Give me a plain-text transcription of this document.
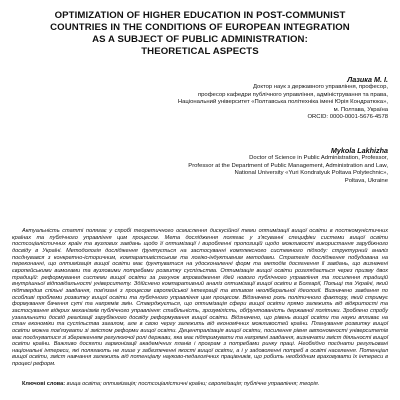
OPTIMIZATION OF HIGHER EDUCATION IN POST-COMMUNIST
COUNTRIES IN THE CONDITIONS OF EUROPEAN INTEGRATION
AS A SUBJECT OF PUBLIC ADMINISTRATION:
THEORETICAL ASPECTS
Лазика М. І.
Доктор наук з державного управління, професор,
професор кафедри публічного управління, адміністрування та права,
Національний університет «Полтавська політехніка імені Юрія Кондратюка»,
м. Полтава, Україна
ORCID: 0000-0001-5676-4578
Mykola Lakhizha
Doctor of Science in Public Administration, Professor,
Professor at the Department of Public Management, Administration and Law,
National University «Yuri Kondratyuk Poltava Polytechnic»,
Poltava, Ukraine
Актуальність статті полягає у спробі теоретичного осмислення дискусійної теми оптимізації вищої освіти в посткомуністичних країнах та публічного управління цим процесом. Мета дослідження полягає у з'ясуванні специфіки системи вищої освіти постсоціалістичних країн та вузлових завдань щодо її оптимізації і виробленні пропозицій щодо можливості використання зарубіжного досвіду в Україні. Методологія дослідження ґрунтується на застосуванні комплексного системного підходу: структурний аналіз поєднувався з конкретно-історичним, компаративістським та логіко-індуктивним методами. Стратегія дослідження побудована на переконанні, що оптимізація вищої освіти має ґрунтуватися на удосконаленні форм та методів досягнення її завдань, що визначені європейськими вимогами та вузловими потребами розвитку суспільства. Оптимізація вищої освіти розглядається через призму двох традицій: реформування системи вищої освіти за рахунок впровадження ідей нового публічного управління та посилення традицій внутрішньої відповідальності університету. Здійснено компаративний аналіз оптимізації вищої освіти в Болгарії, Польщі та Україні, який підтвердив спільні завдання, пов'язані з процесом європейської інтеграції та впливом неоліберальної ідеології. Визначено завдання по особливі проблеми розвитку вищої освіти та публічного управління цим процесом. Відзначено роль політичного фактору, який стримує формування бачення суті та напрямів змін. Стверджується, що оптимізація сфери вищої освіти прямо залежить від відкритості та застосування відкрих механізмів публічного управління: стабільність, зрозумілість, обґрунтованість державної політики. Зроблено спробу узагальнити досвід реалізації зарубіжного досвіду реформування вищої освіти. Відзначено, що рівень вищої освіти та науки впливає на стан економіки та суспільства загалом, але в свою чергу залежить від економічних можливостей країни. Планування розвитку вищої освіти можна пов'язувати зі змістом реформи вищої освіти. Децентралізація вищої освіти, посилення рівня автономності університетів має поєднуватися зі збереженням регулюючої ролі держави, яка має підтримувати та напрямні завдання, визначати зміст діяльності вищої освіти країни. Важливо досягти гармонізації академічних планів і програм з потребами ринку праці. Необхідно поєднати регульовані національні інтереси, які полягають не лише у забезпеченні якості вищої освіти, а і у задоволенні потреб в освіті населення. Потенціал вищої освіти, зміст навчання залежить від потенціалу науково-педагогічних працівників, що робить необхідним враховувати їх інтереси в процесі реформ.
Ключові слова: вища освіта; оптимізація; постсоціалістичні країни; європеїзація; публічне управління; теорія.
